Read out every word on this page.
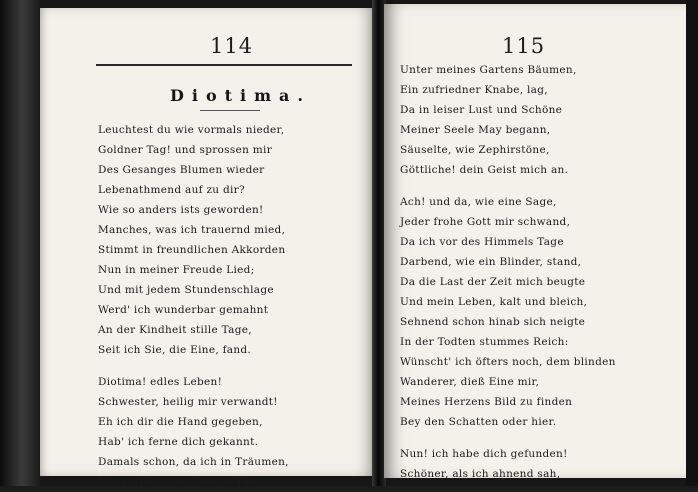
114
Diotima.
Leuchtest du wie vormals nieder,
Goldner Tag! und sprossen mir
Des Gesanges Blumen wieder
Lebenathmend auf zu dir?
Wie so anders ists geworden!
Manches, was ich trauernd mied,
Stimmt in freundlichen Akkorden
Nun in meiner Freude Lied;
Und mit jedem Stundenschlage
Werd' ich wunderbar gemahnt
An der Kindheit stille Tage,
Seit ich Sie, die Eine, fand.
Diotima! edles Leben!
Schwester, heilig mir verwandt!
Eh ich dir die Hand gegeben,
Hab' ich ferne dich gekannt.
Damals schon, da ich in Träumen,
Mir entlokt vom heitern Tag',
115
Unter meines Gartens Bäumen,
Ein zufriedner Knabe, lag,
Da in leiser Lust und Schöne
Meiner Seele May begann,
Säuselte, wie Zephirstöne,
Göttliche! dein Geist mich an.
Ach! und da, wie eine Sage,
Jeder frohe Gott mir schwand,
Da ich vor des Himmels Tage
Darbend, wie ein Blinder, stand,
Da die Last der Zeit mich beugte
Und mein Leben, kalt und bleich,
Sehnend schon hinab sich neigte
In der Todten stummes Reich:
Wünscht' ich öfters noch, dem blinden
Wanderer, dieß Eine mir,
Meines Herzens Bild zu finden
Bey den Schatten oder hier.
Nun! ich habe dich gefunden!
Schöner, als ich ahnend sah,
